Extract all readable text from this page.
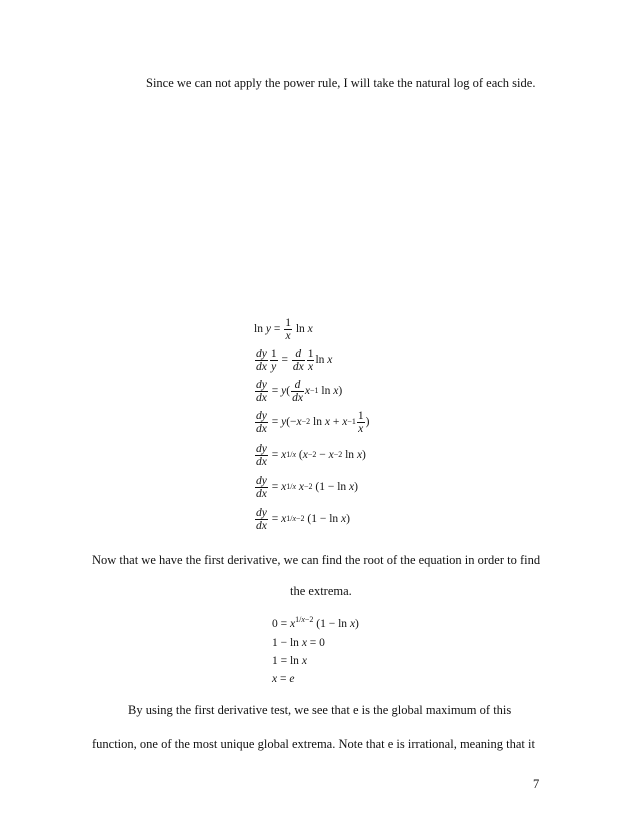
Since we can not apply the power rule, I will take the natural log of each side.
$\ln y = \frac{1}{x}$ ln x
$\frac{dy}{dx} \frac{1}{y} = \frac{d}{dx} \frac{1}{x}$ ln x
$\frac{dy}{dx} = y$ ( $\frac{d}{dx}$ x −1 ln x )
$\frac{dy}{dx} = y$ (− x −2 $\ln x + x -1 \frac{1}{x}$ )
$\frac{dy}{dx} = x$ 1/x ( x −2 − x −2 ln x )
$\frac{dy}{dx} = x$ 1/x
x −2 (1 − ln x )
$\frac{dy}{dx} = x$ 1/x−2 (1 − ln x )
Now that we have the first derivative, we can find the root of the equation in order to find
the extrema.
$0 = x^{1/x-2}$ (1 − ln x)
1 − ln x = 0
1 = ln x
x = e
By using the first derivative test, we see that e is the global maximum of this
function, one of the most unique global extrema. Note that e is irrational, meaning that it
7
